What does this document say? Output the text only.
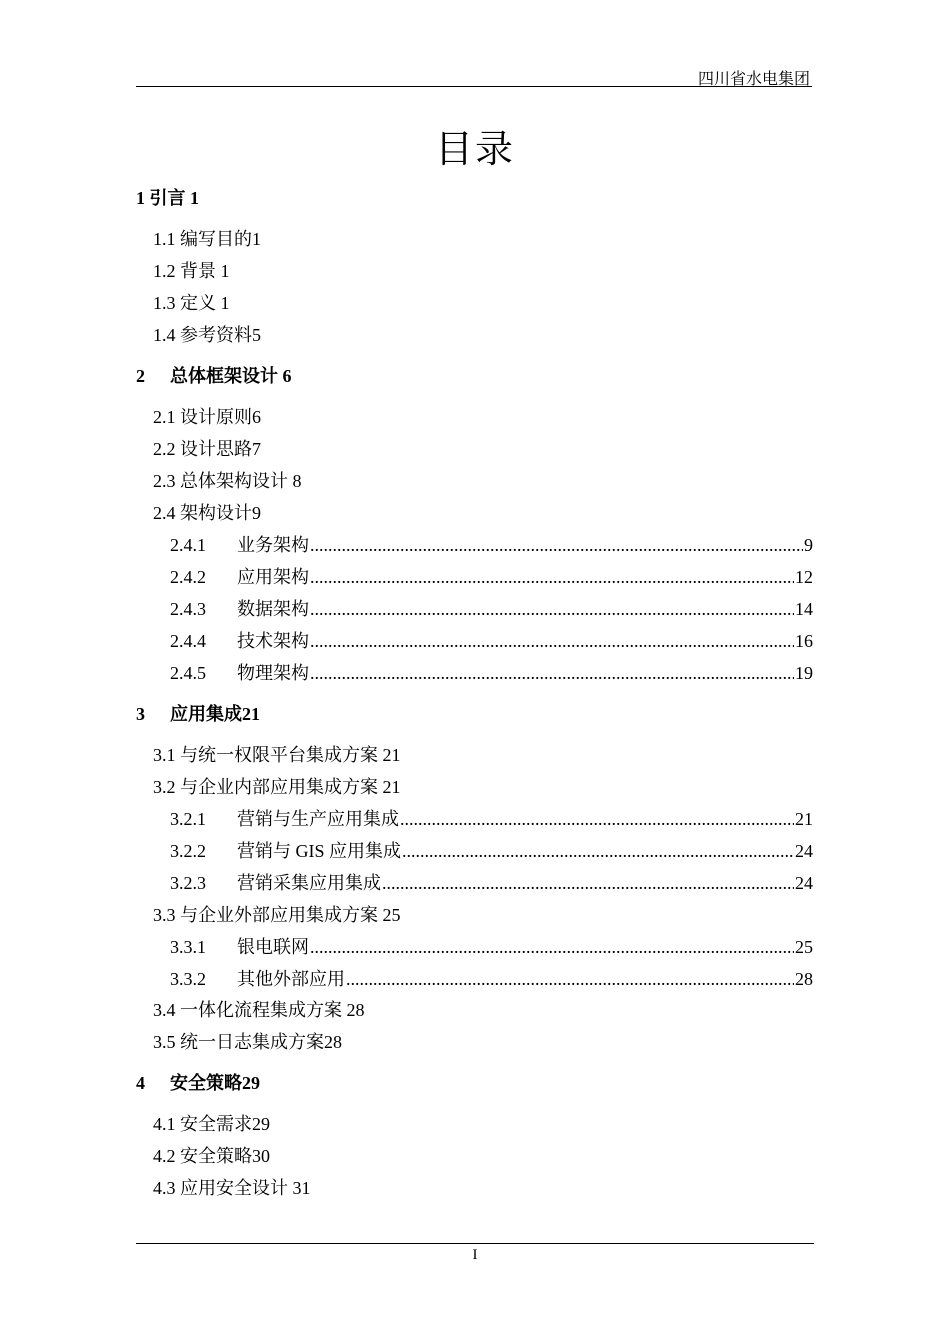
四川省水电集团
目录
1 引言 1
1.1 编写目的1
1.2 背景 1
1.3 定义 1
1.4 参考资料5
2 总体框架设计 6
2.1 设计原则6
2.2 设计思路7
2.3 总体架构设计 8
2.4 架构设计9
2.4.1	业务架构 .....	9
2.4.2	应用架构 .....	12
2.4.3	数据架构 .....	14
2.4.4	技术架构 .....	16
2.4.5	物理架构 .....	19
3 应用集成21
3.1 与统一权限平台集成方案 21
3.2 与企业内部应用集成方案 21
3.2.1	营销与生产应用集成 .....	21
3.2.2	营销与 GIS 应用集成 .....	24
3.2.3	营销采集应用集成 .....	24
3.3 与企业外部应用集成方案 25
3.3.1	银电联网 .....	25
3.3.2	其他外部应用 .....	28
3.4 一体化流程集成方案 28
3.5 统一日志集成方案28
4 安全策略29
4.1 安全需求29
4.2 安全策略30
4.3 应用安全设计 31
I
